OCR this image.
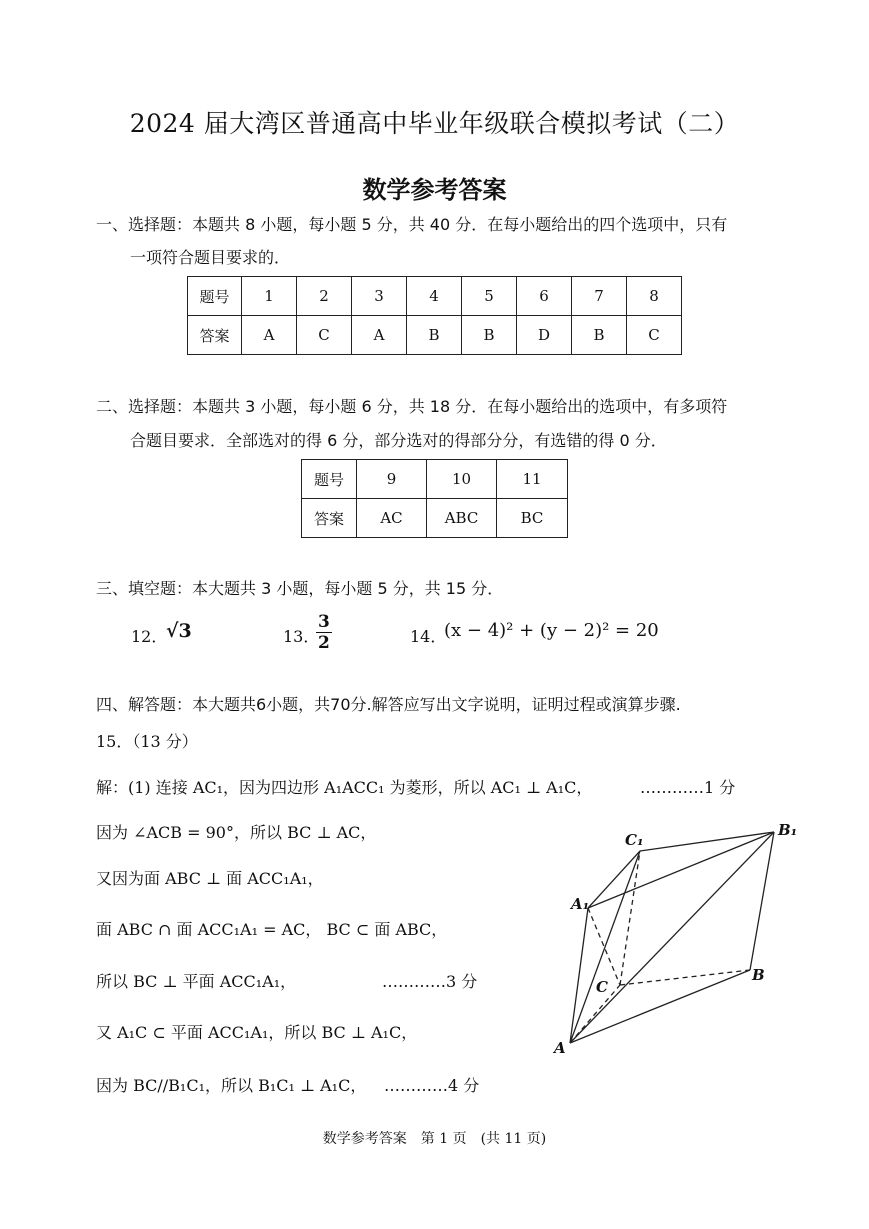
2024 届大湾区普通高中毕业年级联合模拟考试（二）
数学参考答案
一、选择题：本题共 8 小题，每小题 5 分，共 40 分．在每小题给出的四个选项中，只有
一项符合题目要求的．
题号	1	2	3	4	5	6	7	8
答案	A	C	A	B	B	D	B	C
二、选择题：本题共 3 小题，每小题 6 分，共 18 分．在每小题给出的选项中，有多项符
合题目要求．全部选对的得 6 分，部分选对的得部分分，有选错的得 0 分．
题号	9	10	11
答案	AC	ABC	BC
三、填空题：本大题共 3 小题，每小题 5 分，共 15 分．
12．
√3	13．
$\frac{3}{2}$	14．
(x − 4)² + (y − 2)² = 20
四、解答题：本大题共6小题，共70分.解答应写出文字说明，证明过程或演算步骤.
15．（13 分）
解：(1) 连接 AC₁，因为四边形 A₁ACC₁ 为菱形，所以 AC₁ ⊥ A₁C，	…………1 分
因为 ∠ACB = 90°，所以 BC ⊥ AC，
又因为面 ABC ⊥ 面 ACC₁A₁，
面 ABC ∩ 面 ACC₁A₁ = AC， BC ⊂ 面 ABC，
所以 BC ⊥ 平面 ACC₁A₁，	…………3 分
又 A₁C ⊂ 平面 ACC₁A₁，所以 BC ⊥ A₁C，
因为 BC//B₁C₁，所以 B₁C₁ ⊥ A₁C， …………4 分
C₁
B₁
A₁
C
B
A
数学参考答案　第 1 页　(共 11 页)
